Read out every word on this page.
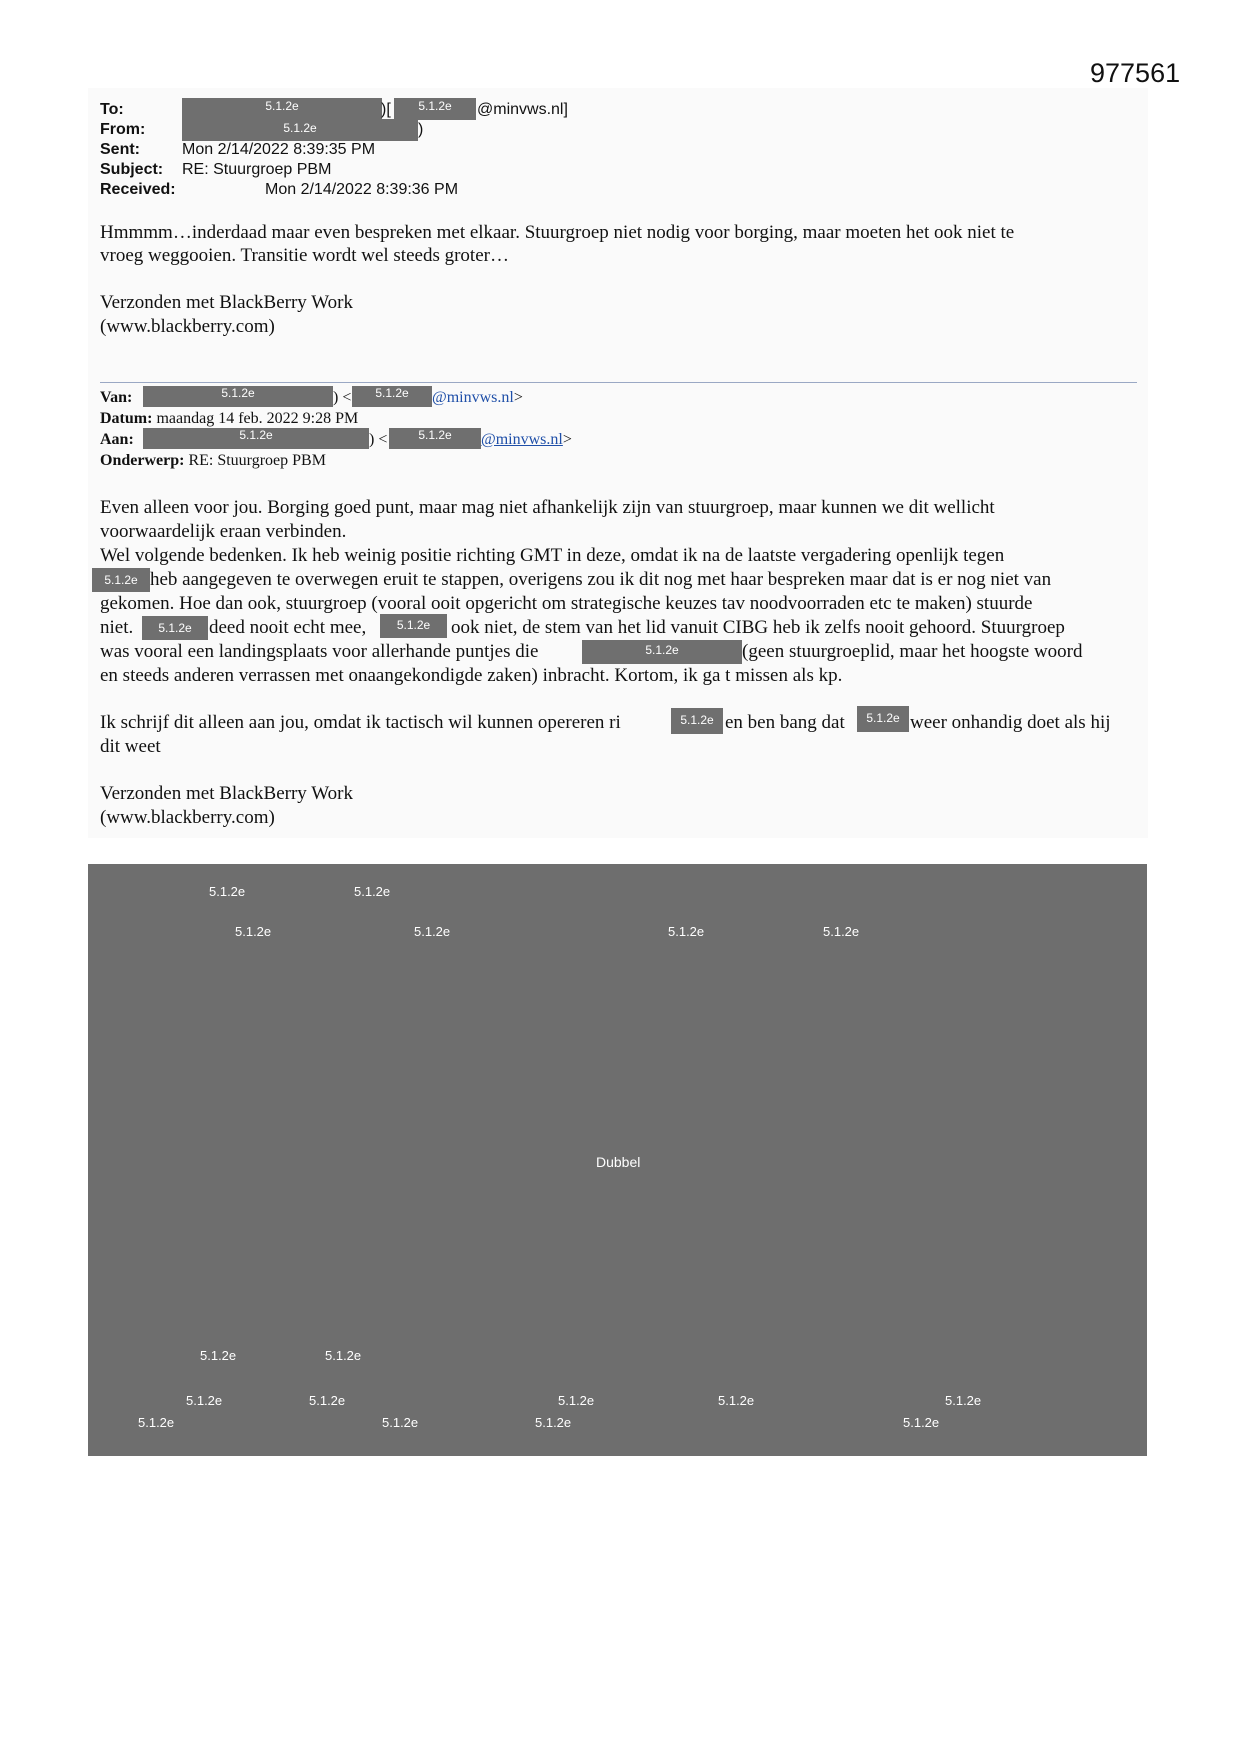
977561
To:	5.1.2e	)[	5.1.2e	@minvws.nl]
From:	5.1.2e	)
Sent:	Mon 2/14/2022 8:39:35 PM
Subject: RE: Stuurgroep PBM
Received:	Mon 2/14/2022 8:39:36 PM
Hmmmm…inderdaad maar even bespreken met elkaar. Stuurgroep niet nodig voor borging, maar moeten het ook niet te
vroeg weggooien. Transitie wordt wel steeds groter…
Verzonden met BlackBerry Work
(www.blackberry.com)
Van:	5.1.2e	) <	5.1.2e	@minvws.nl>
Datum: maandag 14 feb. 2022 9:28 PM
Aan:	5.1.2e	) <	5.1.2e	@minvws.nl>
Onderwerp: RE: Stuurgroep PBM
Even alleen voor jou. Borging goed punt, maar mag niet afhankelijk zijn van stuurgroep, maar kunnen we dit wellicht
voorwaardelijk eraan verbinden.
Wel volgende bedenken. Ik heb weinig positie richting GMT in deze, omdat ik na de laatste vergadering openlijk tegen
5.1.2e heb aangegeven te overwegen eruit te stappen, overigens zou ik dit nog met haar bespreken maar dat is er nog niet van
gekomen. Hoe dan ook, stuurgroep (vooral ooit opgericht om strategische keuzes tav noodvoorraden etc te maken) stuurde
niet.	5.1.2e deed nooit echt mee,	5.1.2e	ook niet, de stem van het lid vanuit CIBG heb ik zelfs nooit gehoord. Stuurgroep
was vooral een landingsplaats voor allerhande puntjes die	5.1.2e	(geen stuurgroeplid, maar het hoogste woord
en steeds anderen verrassen met onaangekondigde zaken) inbracht. Kortom, ik ga t missen als kp.
Ik schrijf dit alleen aan jou, omdat ik tactisch wil kunnen opereren ri	5.1.2e en ben bang dat	5.1.2e weer onhandig doet als hij
dit weet
Verzonden met BlackBerry Work
(www.blackberry.com)
5.1.2e	5.1.2e
5.1.2e	5.1.2e	5.1.2e	5.1.2e
Dubbel
5.1.2e	5.1.2e
5.1.2e	5.1.2e	5.1.2e	5.1.2e	5.1.2e
5.1.2e	5.1.2e	5.1.2e	5.1.2e
